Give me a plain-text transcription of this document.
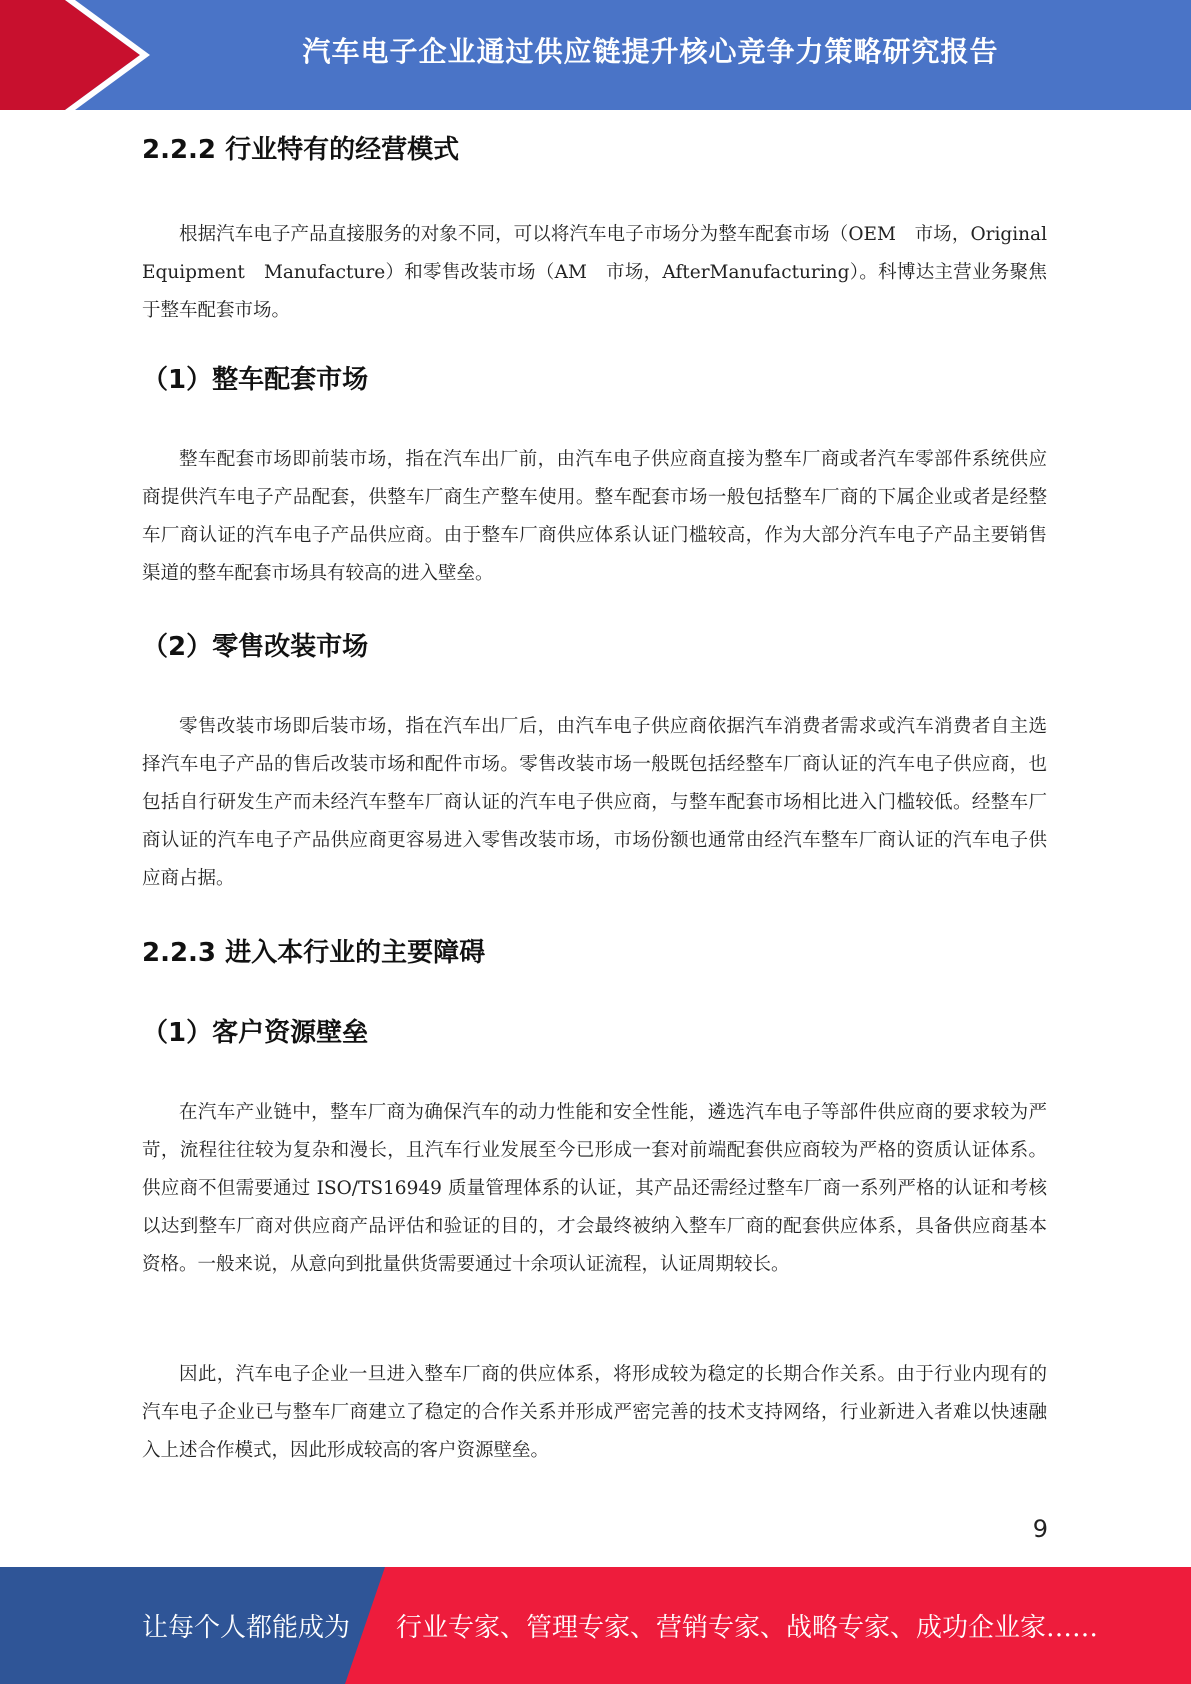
汽车电子企业通过供应链提升核心竞争力策略研究报告
2.2.2 行业特有的经营模式

根据汽车电子产品直接服务的对象不同，可以将汽车电子市场分为整车配套市场（OEM　市场，Original　Equipment　Manufacture）和零售改装市场（AM　市场，AfterManufacturing）。科博达主营业务聚焦于整车配套市场。

（1）整车配套市场

整车配套市场即前装市场，指在汽车出厂前，由汽车电子供应商直接为整车厂商或者汽车零部件系统供应商提供汽车电子产品配套，供整车厂商生产整车使用。整车配套市场一般包括整车厂商的下属企业或者是经整车厂商认证的汽车电子产品供应商。由于整车厂商供应体系认证门槛较高，作为大部分汽车电子产品主要销售渠道的整车配套市场具有较高的进入壁垒。

（2）零售改装市场

零售改装市场即后装市场，指在汽车出厂后，由汽车电子供应商依据汽车消费者需求或汽车消费者自主选择汽车电子产品的售后改装市场和配件市场。零售改装市场一般既包括经整车厂商认证的汽车电子供应商，也包括自行研发生产而未经汽车整车厂商认证的汽车电子供应商，与整车配套市场相比进入门槛较低。经整车厂商认证的汽车电子产品供应商更容易进入零售改装市场，市场份额也通常由经汽车整车厂商认证的汽车电子供应商占据。

2.2.3 进入本行业的主要障碍
（1）客户资源壁垒

在汽车产业链中，整车厂商为确保汽车的动力性能和安全性能，遴选汽车电子等部件供应商的要求较为严苛，流程往往较为复杂和漫长，且汽车行业发展至今已形成一套对前端配套供应商较为严格的资质认证体系。供应商不但需要通过 ISO/TS16949 质量管理体系的认证，其产品还需经过整车厂商一系列严格的认证和考核以达到整车厂商对供应商产品评估和验证的目的，才会最终被纳入整车厂商的配套供应体系，具备供应商基本资格。一般来说，从意向到批量供货需要通过十余项认证流程，认证周期较长。

因此，汽车电子企业一旦进入整车厂商的供应体系，将形成较为稳定的长期合作关系。由于行业内现有的汽车电子企业已与整车厂商建立了稳定的合作关系并形成严密完善的技术支持网络，行业新进入者难以快速融入上述合作模式，因此形成较高的客户资源壁垒。

9
让每个人都能成为 行业专家、管理专家、营销专家、战略专家、成功企业家……
